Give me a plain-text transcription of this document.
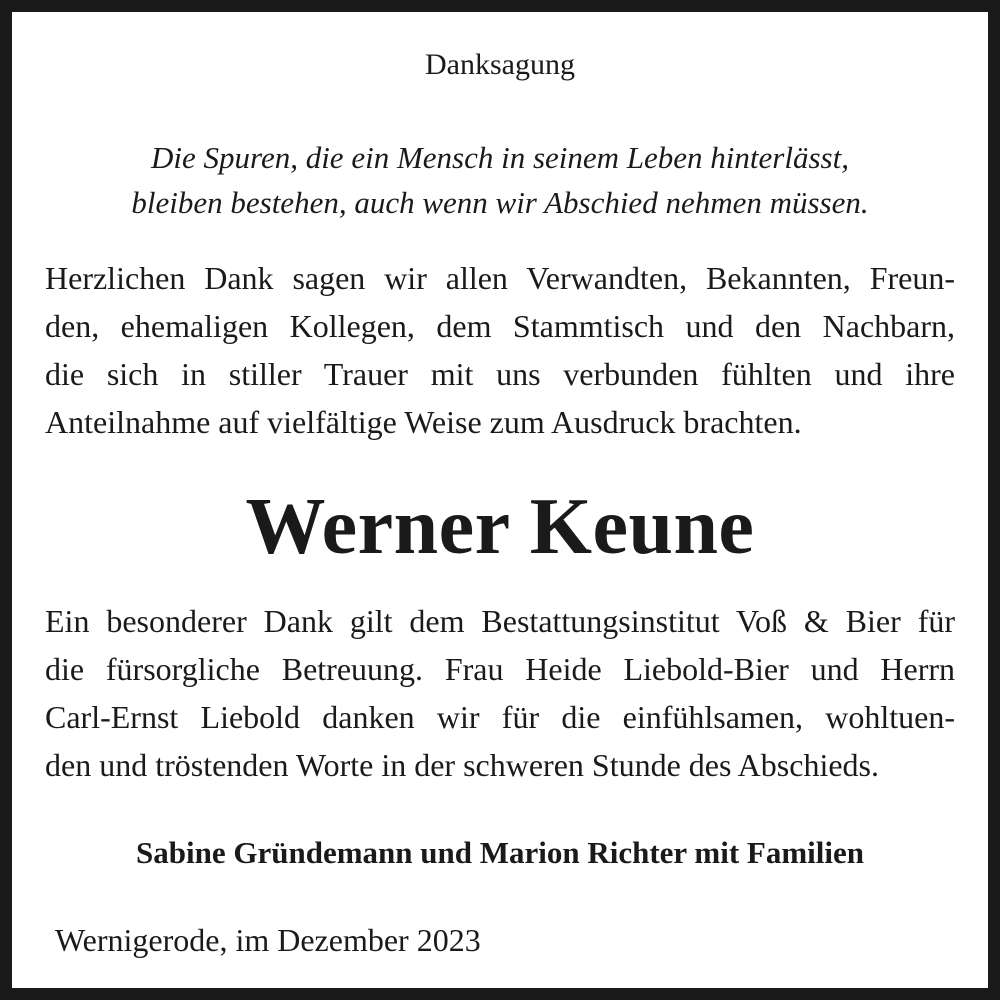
Danksagung
Die Spuren, die ein Mensch in seinem Leben hinterlässt,
bleiben bestehen, auch wenn wir Abschied nehmen müssen.
Herzlichen Dank sagen wir allen Verwandten, Bekannten, Freun-
den, ehemaligen Kollegen, dem Stammtisch und den Nachbarn,
die sich in stiller Trauer mit uns verbunden fühlten und ihre
Anteilnahme auf vielfältige Weise zum Ausdruck brachten.
Werner Keune
Ein besonderer Dank gilt dem Bestattungsinstitut Voß & Bier für
die fürsorgliche Betreuung. Frau Heide Liebold-Bier und Herrn
Carl-Ernst Liebold danken wir für die einfühlsamen, wohltuen-
den und tröstenden Worte in der schweren Stunde des Abschieds.
Sabine Gründemann und Marion Richter mit Familien
Wernigerode, im Dezember 2023
